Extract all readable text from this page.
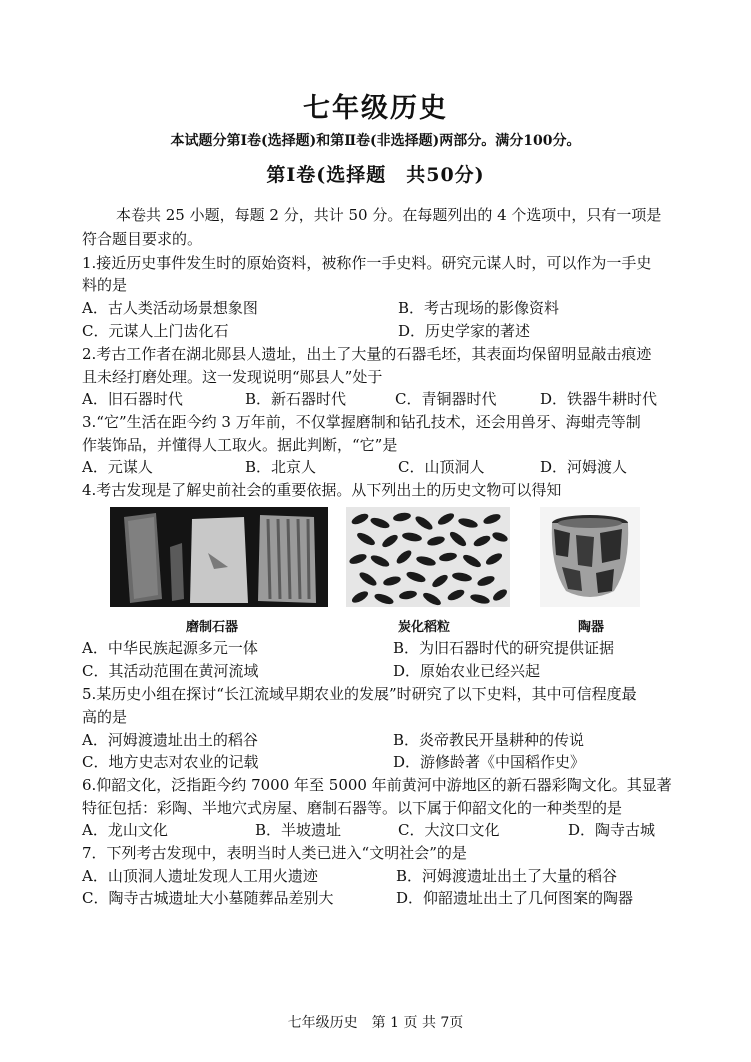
七年级历史
本试题分第Ⅰ卷(选择题)和第Ⅱ卷(非选择题)两部分。满分100分。
第Ⅰ卷(选择题　共50分)
本卷共 25 小题，每题 2 分，共计 50 分。在每题列出的 4 个选项中，只有一项是
符合题目要求的。
1.接近历史事件发生时的原始资料，被称作一手史料。研究元谋人时，可以作为一手史
料的是
A．古人类活动场景想象图	B．考古现场的影像资料
C．元谋人上门齿化石	D．历史学家的著述
2.考古工作者在湖北郧县人遗址，出土了大量的石器毛坯，其表面均保留明显敲击痕迹
且未经打磨处理。这一发现说明“郧县人”处于
A．旧石器时代	B．新石器时代	C．青铜器时代	D．铁器牛耕时代
3.“它”生活在距今约 3 万年前，不仅掌握磨制和钻孔技术，还会用兽牙、海蚶壳等制
作装饰品，并懂得人工取火。据此判断，“它”是
A．元谋人	B．北京人	C．山顶洞人	D．河姆渡人
4.考古发现是了解史前社会的重要依据。从下列出土的历史文物可以得知
磨制石器	炭化稻粒	陶器
A．中华民族起源多元一体	B．为旧石器时代的研究提供证据
C．其活动范围在黄河流域	D．原始农业已经兴起
5.某历史小组在探讨“长江流域早期农业的发展”时研究了以下史料，其中可信程度最
高的是
A．河姆渡遗址出土的稻谷	B．炎帝教民开垦耕种的传说
C．地方史志对农业的记载	D．游修龄著《中国稻作史》
6.仰韶文化，泛指距今约 7000 年至 5000 年前黄河中游地区的新石器彩陶文化。其显著
特征包括：彩陶、半地穴式房屋、磨制石器等。以下属于仰韶文化的一种类型的是
A．龙山文化	B．半坡遗址	C．大汶口文化	D．陶寺古城
7．下列考古发现中，表明当时人类已进入“文明社会”的是
A．山顶洞人遗址发现人工用火遗迹	B．河姆渡遗址出土了大量的稻谷
C．陶寺古城遗址大小墓随葬品差别大	D．仰韶遗址出土了几何图案的陶器
七年级历史　第 1 页 共 7页
